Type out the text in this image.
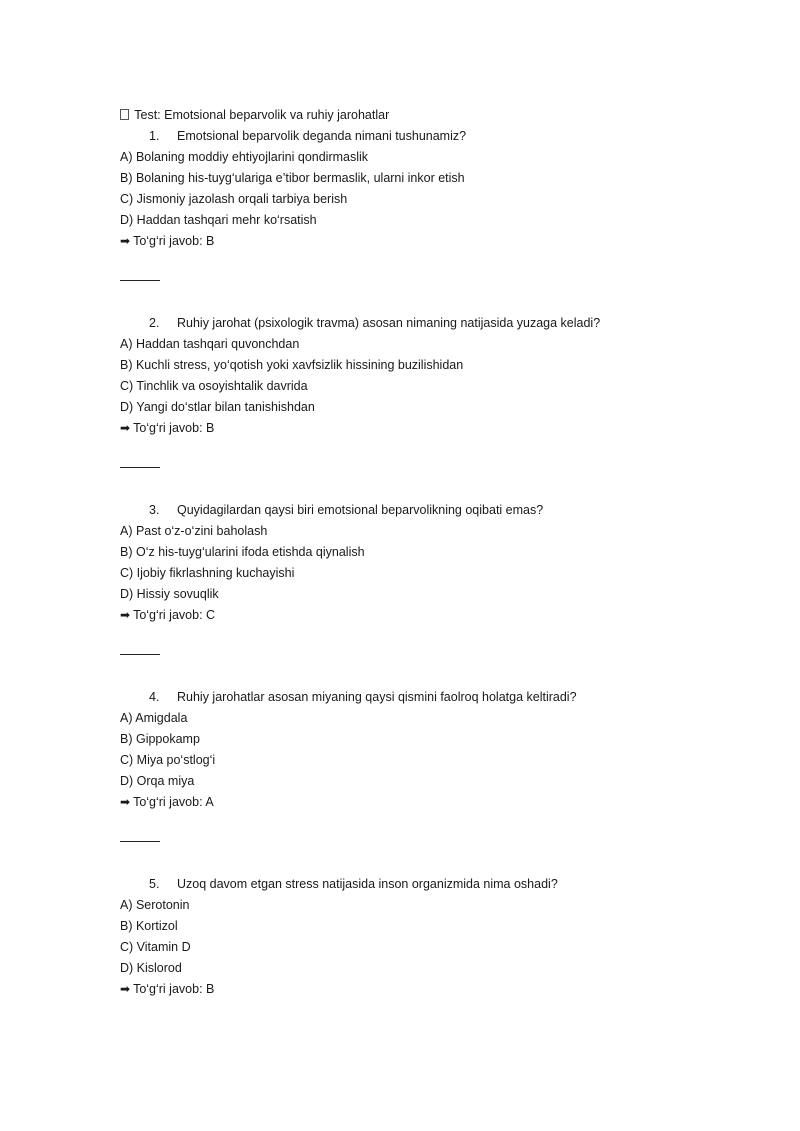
Test: Emotsional beparvolik va ruhiy jarohatlar
1. Emotsional beparvolik deganda nimani tushunamiz?
A) Bolaning moddiy ehtiyojlarini qondirmaslik
B) Bolaning his-tuyg‘ulariga e’tibor bermaslik, ularni inkor etish
C) Jismoniy jazolash orqali tarbiya berish
D) Haddan tashqari mehr ko‘rsatish
➡ To‘g‘ri javob: B
2. Ruhiy jarohat (psixologik travma) asosan nimaning natijasida yuzaga keladi?
A) Haddan tashqari quvonchdan
B) Kuchli stress, yo‘qotish yoki xavfsizlik hissining buzilishidan
C) Tinchlik va osoyishtalik davrida
D) Yangi do‘stlar bilan tanishishdan
➡ To‘g‘ri javob: B
3. Quyidagilardan qaysi biri emotsional beparvolikning oqibati emas?
A) Past o‘z-o‘zini baholash
B) O‘z his-tuyg‘ularini ifoda etishda qiynalish
C) Ijobiy fikrlashning kuchayishi
D) Hissiy sovuqlik
➡ To‘g‘ri javob: C
4. Ruhiy jarohatlar asosan miyaning qaysi qismini faolroq holatga keltiradi?
A) Amigdala
B) Gippokamp
C) Miya po‘stlog‘i
D) Orqa miya
➡ To‘g‘ri javob: A
5. Uzoq davom etgan stress natijasida inson organizmida nima oshadi?
A) Serotonin
B) Kortizol
C) Vitamin D
D) Kislorod
➡ To‘g‘ri javob: B
